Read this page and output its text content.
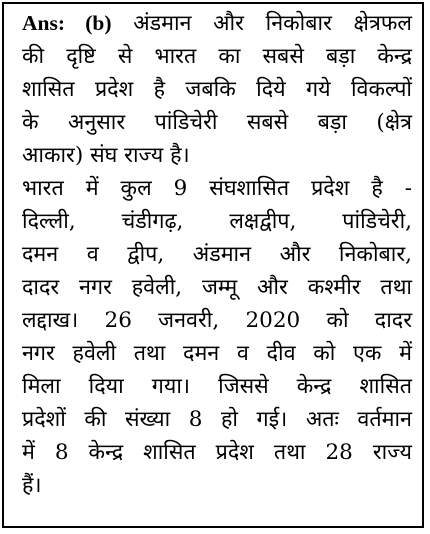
Ans: (b) अंडमान और निकोबार क्षेत्रफल
की दृष्टि से भारत का सबसे बड़ा केन्द्र
शासित प्रदेश है जबकि दिये गये विकल्पों
के अनुसार पांडिचेरी सबसे बड़ा (क्षेत्र
आकार) संघ राज्य है।
भारत में कुल 9 संघशासित प्रदेश है -
दिल्ली, चंडीगढ़, लक्षद्वीप, पांडिचेरी,
दमन व द्वीप, अंडमान और निकोबार,
दादर नगर हवेली, जम्मू और कश्मीर तथा
लद्दाख। 26 जनवरी, 2020 को दादर
नगर हवेली तथा दमन व दीव को एक में
मिला दिया गया। जिससे केन्द्र शासित
प्रदेशों की संख्या 8 हो गई। अतः वर्तमान
में 8 केन्द्र शासित प्रदेश तथा 28 राज्य
हैं।
